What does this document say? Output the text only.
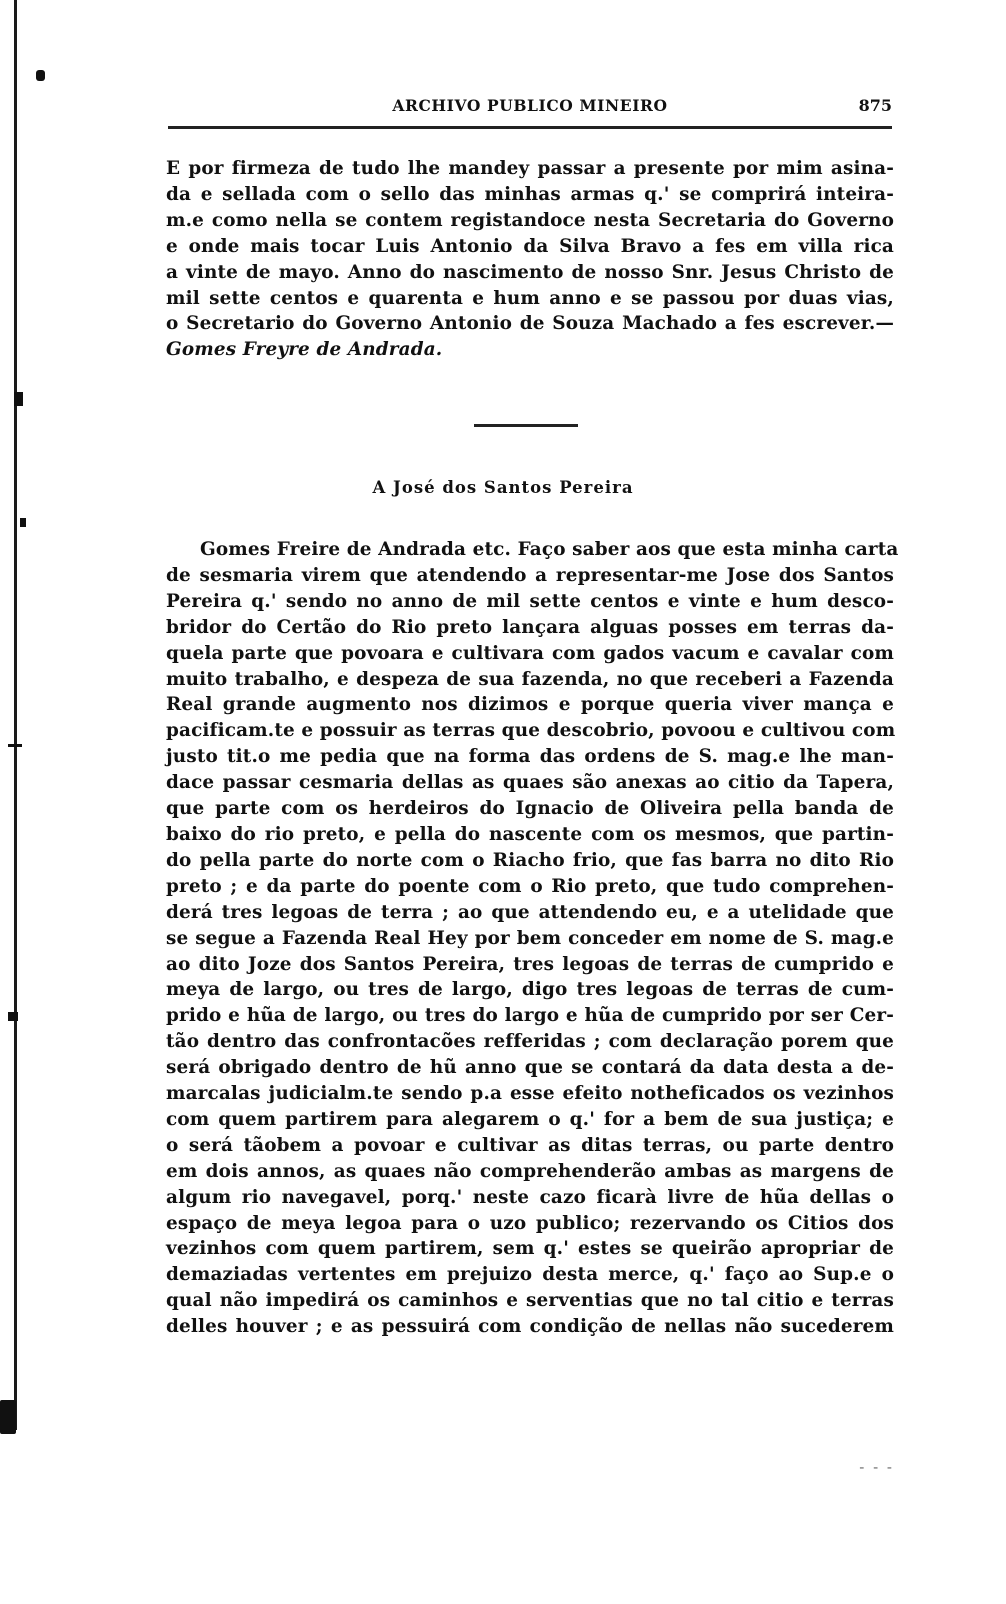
ARCHIVO PUBLICO MINEIRO	875
E por firmeza de tudo lhe mandey passar a presente por mim asina-
da e sellada com o sello das minhas armas q.' se comprirá inteira-
m.e como nella se contem registandoce nesta Secretaria do Governo
e onde mais tocar Luis Antonio da Silva Bravo a fes em villa rica
a vinte de mayo. Anno do nascimento de nosso Snr. Jesus Christo de
mil sette centos e quarenta e hum anno e se passou por duas vias,
o Secretario do Governo Antonio de Souza Machado a fes escrever.—
Gomes Freyre de Andrada.
A José dos Santos Pereira
Gomes Freire de Andrada etc. Faço saber aos que esta minha carta
de sesmaria virem que atendendo a representar-me Jose dos Santos
Pereira q.' sendo no anno de mil sette centos e vinte e hum desco-
bridor do Certão do Rio preto lançara alguas posses em terras da-
quela parte que povoara e cultivara com gados vacum e cavalar com
muito trabalho, e despeza de sua fazenda, no que receberi a Fazenda
Real grande augmento nos dizimos e porque queria viver mança e
pacificam.te e possuir as terras que descobrio, povoou e cultivou com
justo tit.o me pedia que na forma das ordens de S. mag.e lhe man-
dace passar cesmaria dellas as quaes são anexas ao citio da Tapera,
que parte com os herdeiros do Ignacio de Oliveira pella banda de
baixo do rio preto, e pella do nascente com os mesmos, que partin-
do pella parte do norte com o Riacho frio, que fas barra no dito Rio
preto ; e da parte do poente com o Rio preto, que tudo comprehen-
derá tres legoas de terra ; ao que attendendo eu, e a utelidade que
se segue a Fazenda Real Hey por bem conceder em nome de S. mag.e
ao dito Joze dos Santos Pereira, tres legoas de terras de cumprido e
meya de largo, ou tres de largo, digo tres legoas de terras de cum-
prido e hũa de largo, ou tres do largo e hũa de cumprido por ser Cer-
tão dentro das confrontacões refferidas ; com declaração porem que
será obrigado dentro de hũ anno que se contará da data desta a de-
marcalas judicialm.te sendo p.a esse efeito notheficados os vezinhos
com quem partirem para alegarem o q.' for a bem de sua justiça; e
o será tãobem a povoar e cultivar as ditas terras, ou parte dentro
em dois annos, as quaes não comprehenderão ambas as margens de
algum rio navegavel, porq.' neste cazo ficarà livre de hũa dellas o
espaço de meya legoa para o uzo publico; rezervando os Citios dos
vezinhos com quem partirem, sem q.' estes se queirão apropriar de
demaziadas vertentes em prejuizo desta merce, q.' faço ao Sup.e o
qual não impedirá os caminhos e serventias que no tal citio e terras
delles houver ; e as pessuirá com condição de nellas não sucederem
- - -
